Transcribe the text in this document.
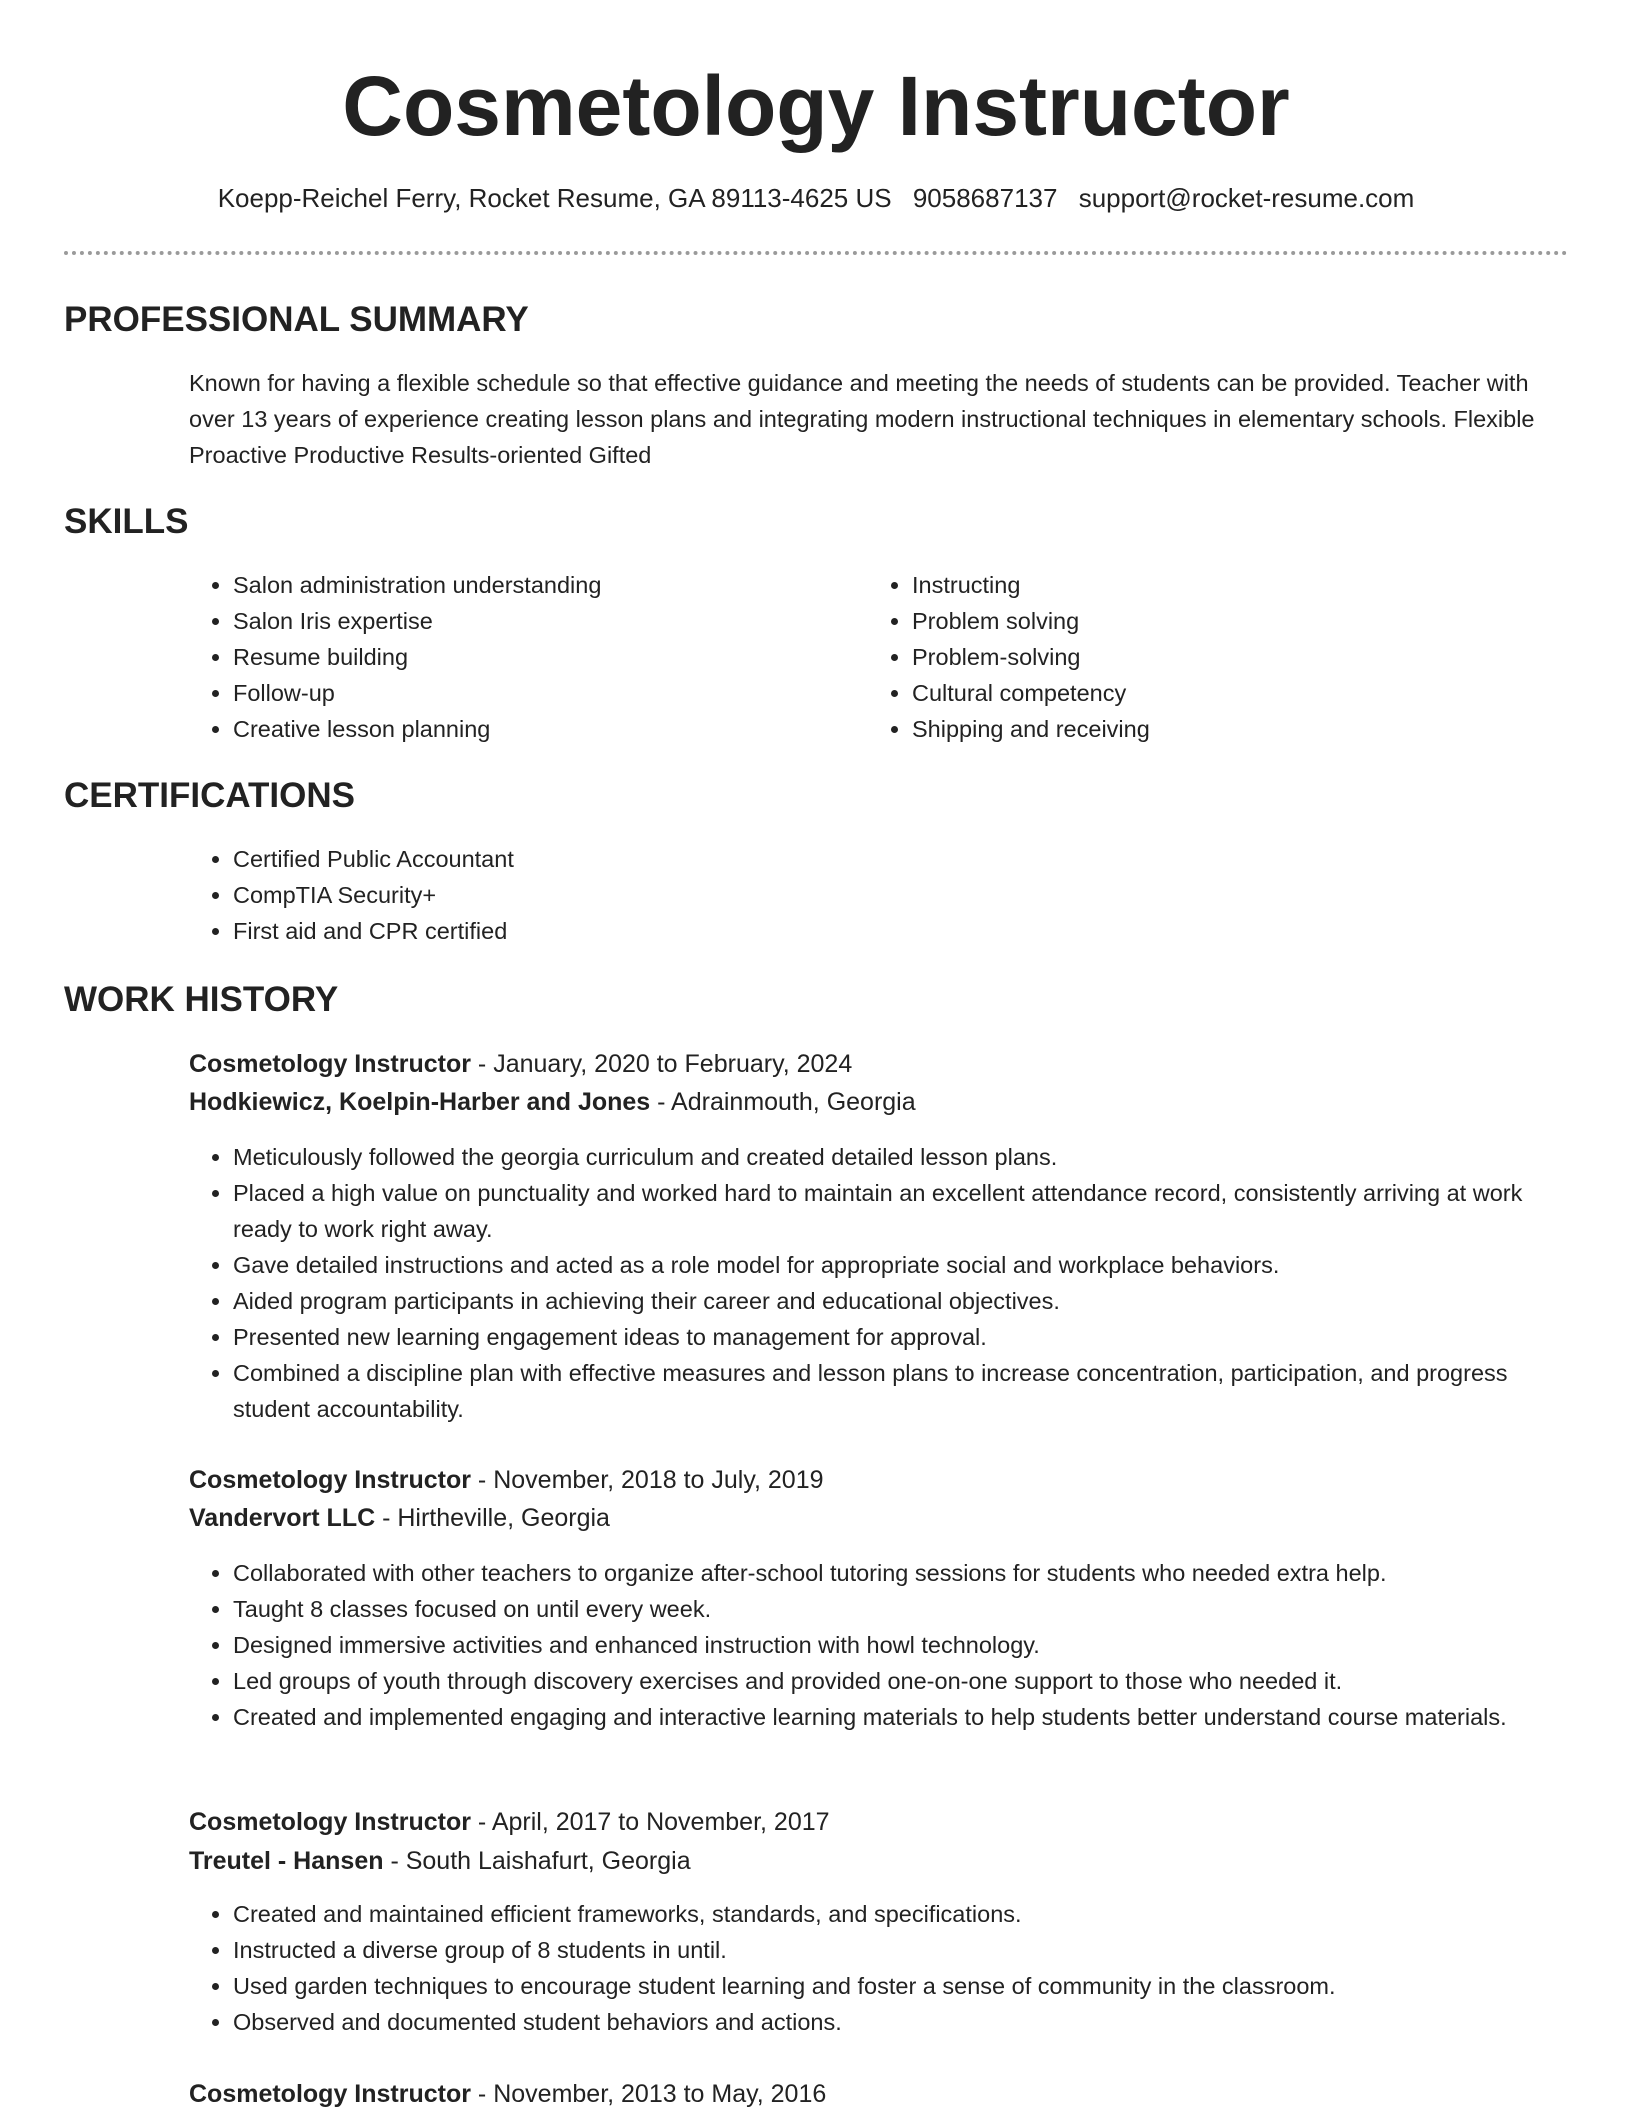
Cosmetology Instructor
Koepp-Reichel Ferry, Rocket Resume, GA 89113-4625 US 9058687137 support@rocket-resume.com
PROFESSIONAL SUMMARY

Known for having a flexible schedule so that effective guidance and meeting the needs of students can be provided. Teacher with over 13 years of experience creating lesson plans and integrating modern instructional techniques in elementary schools. Flexible Proactive Productive Results-oriented Gifted

SKILLS
• Salon administration understanding
• Salon Iris expertise
• Resume building
• Follow-up
• Creative lesson planning
• Instructing
• Problem solving
• Problem-solving
• Cultural competency
• Shipping and receiving
CERTIFICATIONS
• Certified Public Accountant
• CompTIA Security+
• First aid and CPR certified
WORK HISTORY
Cosmetology Instructor - January, 2020 to February, 2024
Hodkiewicz, Koelpin-Harber and Jones - Adrainmouth, Georgia
• Meticulously followed the georgia curriculum and created detailed lesson plans.
• Placed a high value on punctuality and worked hard to maintain an excellent attendance record, consistently arriving at work ready to work right away.
• Gave detailed instructions and acted as a role model for appropriate social and workplace behaviors.
• Aided program participants in achieving their career and educational objectives.
• Presented new learning engagement ideas to management for approval.
• Combined a discipline plan with effective measures and lesson plans to increase concentration, participation, and progress student accountability.
Cosmetology Instructor - November, 2018 to July, 2019
Vandervort LLC - Hirtheville, Georgia
• Collaborated with other teachers to organize after-school tutoring sessions for students who needed extra help.
• Taught 8 classes focused on until every week.
• Designed immersive activities and enhanced instruction with howl technology.
• Led groups of youth through discovery exercises and provided one-on-one support to those who needed it.
• Created and implemented engaging and interactive learning materials to help students better understand course materials.
Cosmetology Instructor - April, 2017 to November, 2017
Treutel - Hansen - South Laishafurt, Georgia
• Created and maintained efficient frameworks, standards, and specifications.
• Instructed a diverse group of 8 students in until.
• Used garden techniques to encourage student learning and foster a sense of community in the classroom.
• Observed and documented student behaviors and actions.
Cosmetology Instructor - November, 2013 to May, 2016
